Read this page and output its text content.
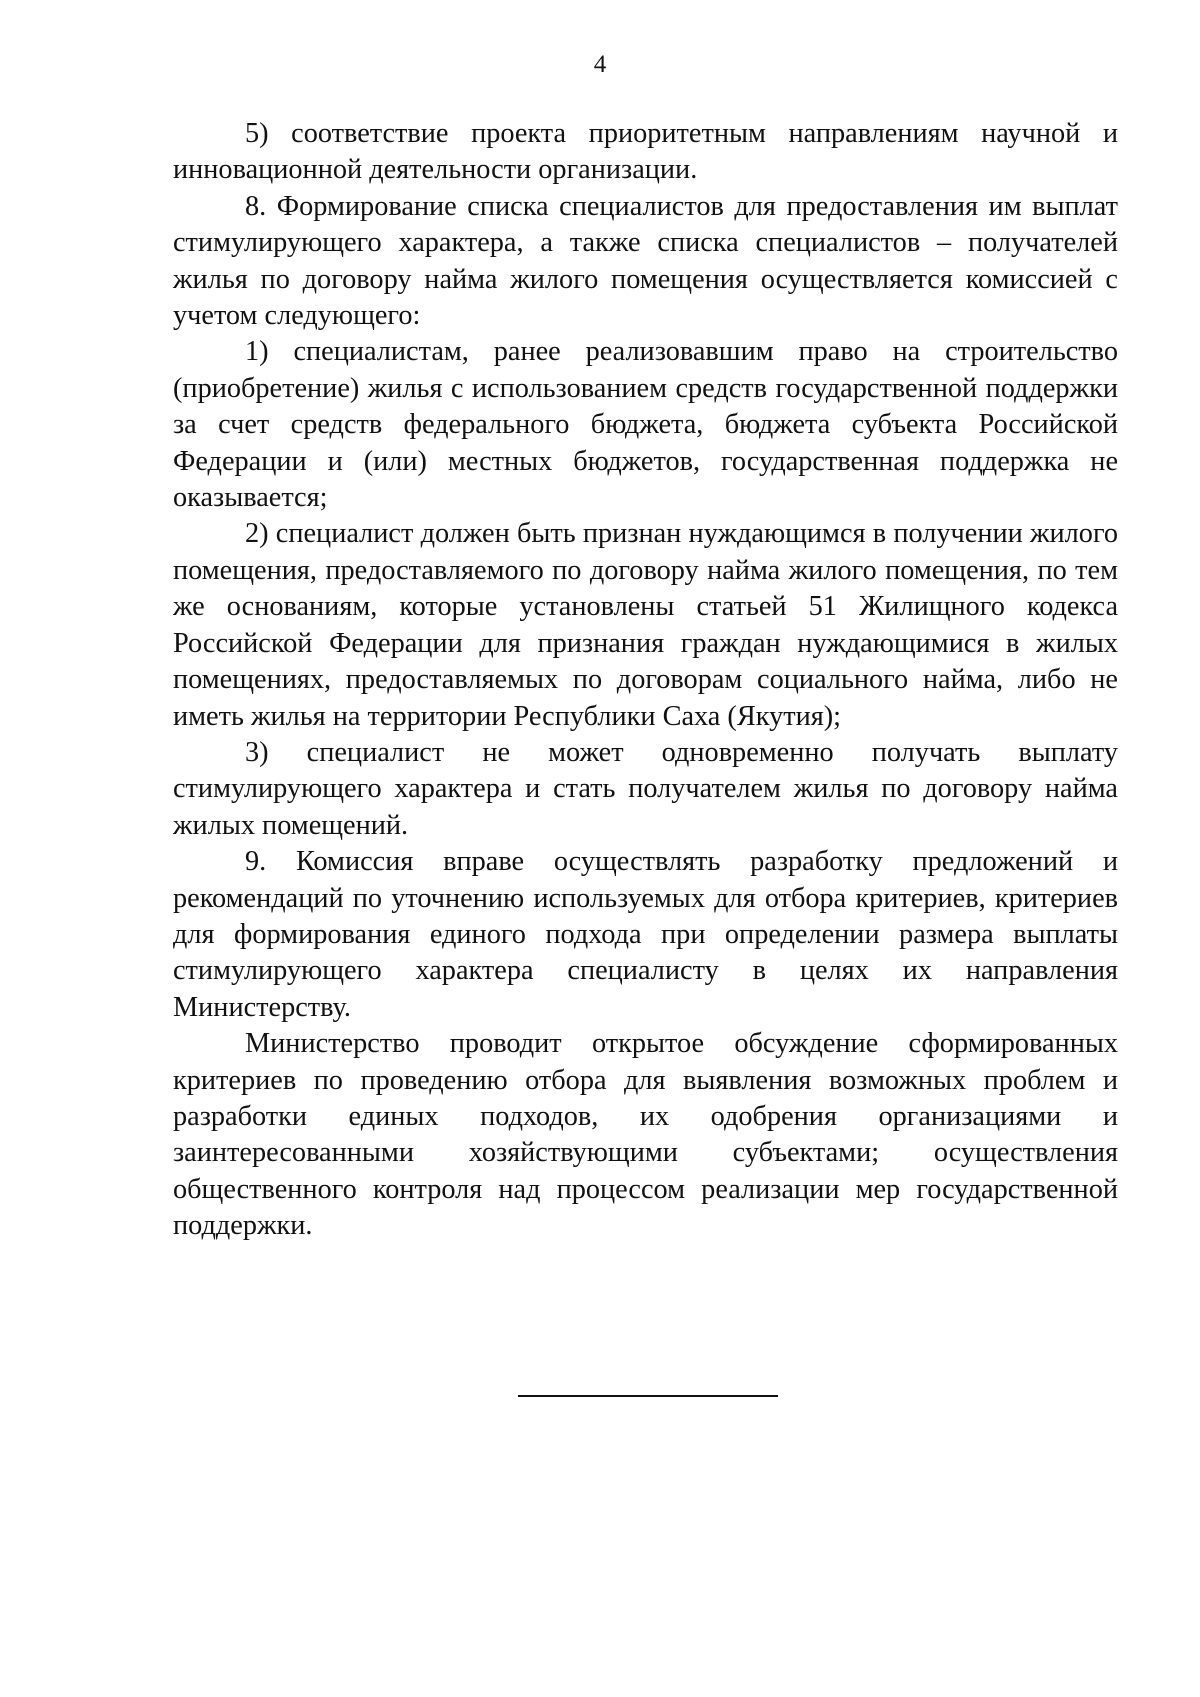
4

5) соответствие проекта приоритетным направлениям научной и инновационной деятельности организации.

8. Формирование списка специалистов для предоставления им выплат стимулирующего характера, а также списка специалистов – получателей жилья по договору найма жилого помещения осуществляется комиссией с учетом следующего:

1) специалистам, ранее реализовавшим право на строительство (приобретение) жилья с использованием средств государственной поддержки за счет средств федерального бюджета, бюджета субъекта Российской Федерации и (или) местных бюджетов, государственная поддержка не оказывается;

2) специалист должен быть признан нуждающимся в получении жилого помещения, предоставляемого по договору найма жилого помещения, по тем же основаниям, которые установлены статьей 51 Жилищного кодекса Российской Федерации для признания граждан нуждающимися в жилых помещениях, предоставляемых по договорам социального найма, либо не иметь жилья на территории Республики Саха (Якутия);

3) специалист не может одновременно получать выплату стимулирующего характера и стать получателем жилья по договору найма жилых помещений.

9. Комиссия вправе осуществлять разработку предложений и рекомендаций по уточнению используемых для отбора критериев, критериев для формирования единого подхода при определении размера выплаты стимулирующего характера специалисту в целях их направления Министерству.

Министерство проводит открытое обсуждение сформированных критериев по проведению отбора для выявления возможных проблем и разработки единых подходов, их одобрения организациями и заинтересованными хозяйствующими субъектами; осуществления общественного контроля над процессом реализации мер государственной поддержки.
